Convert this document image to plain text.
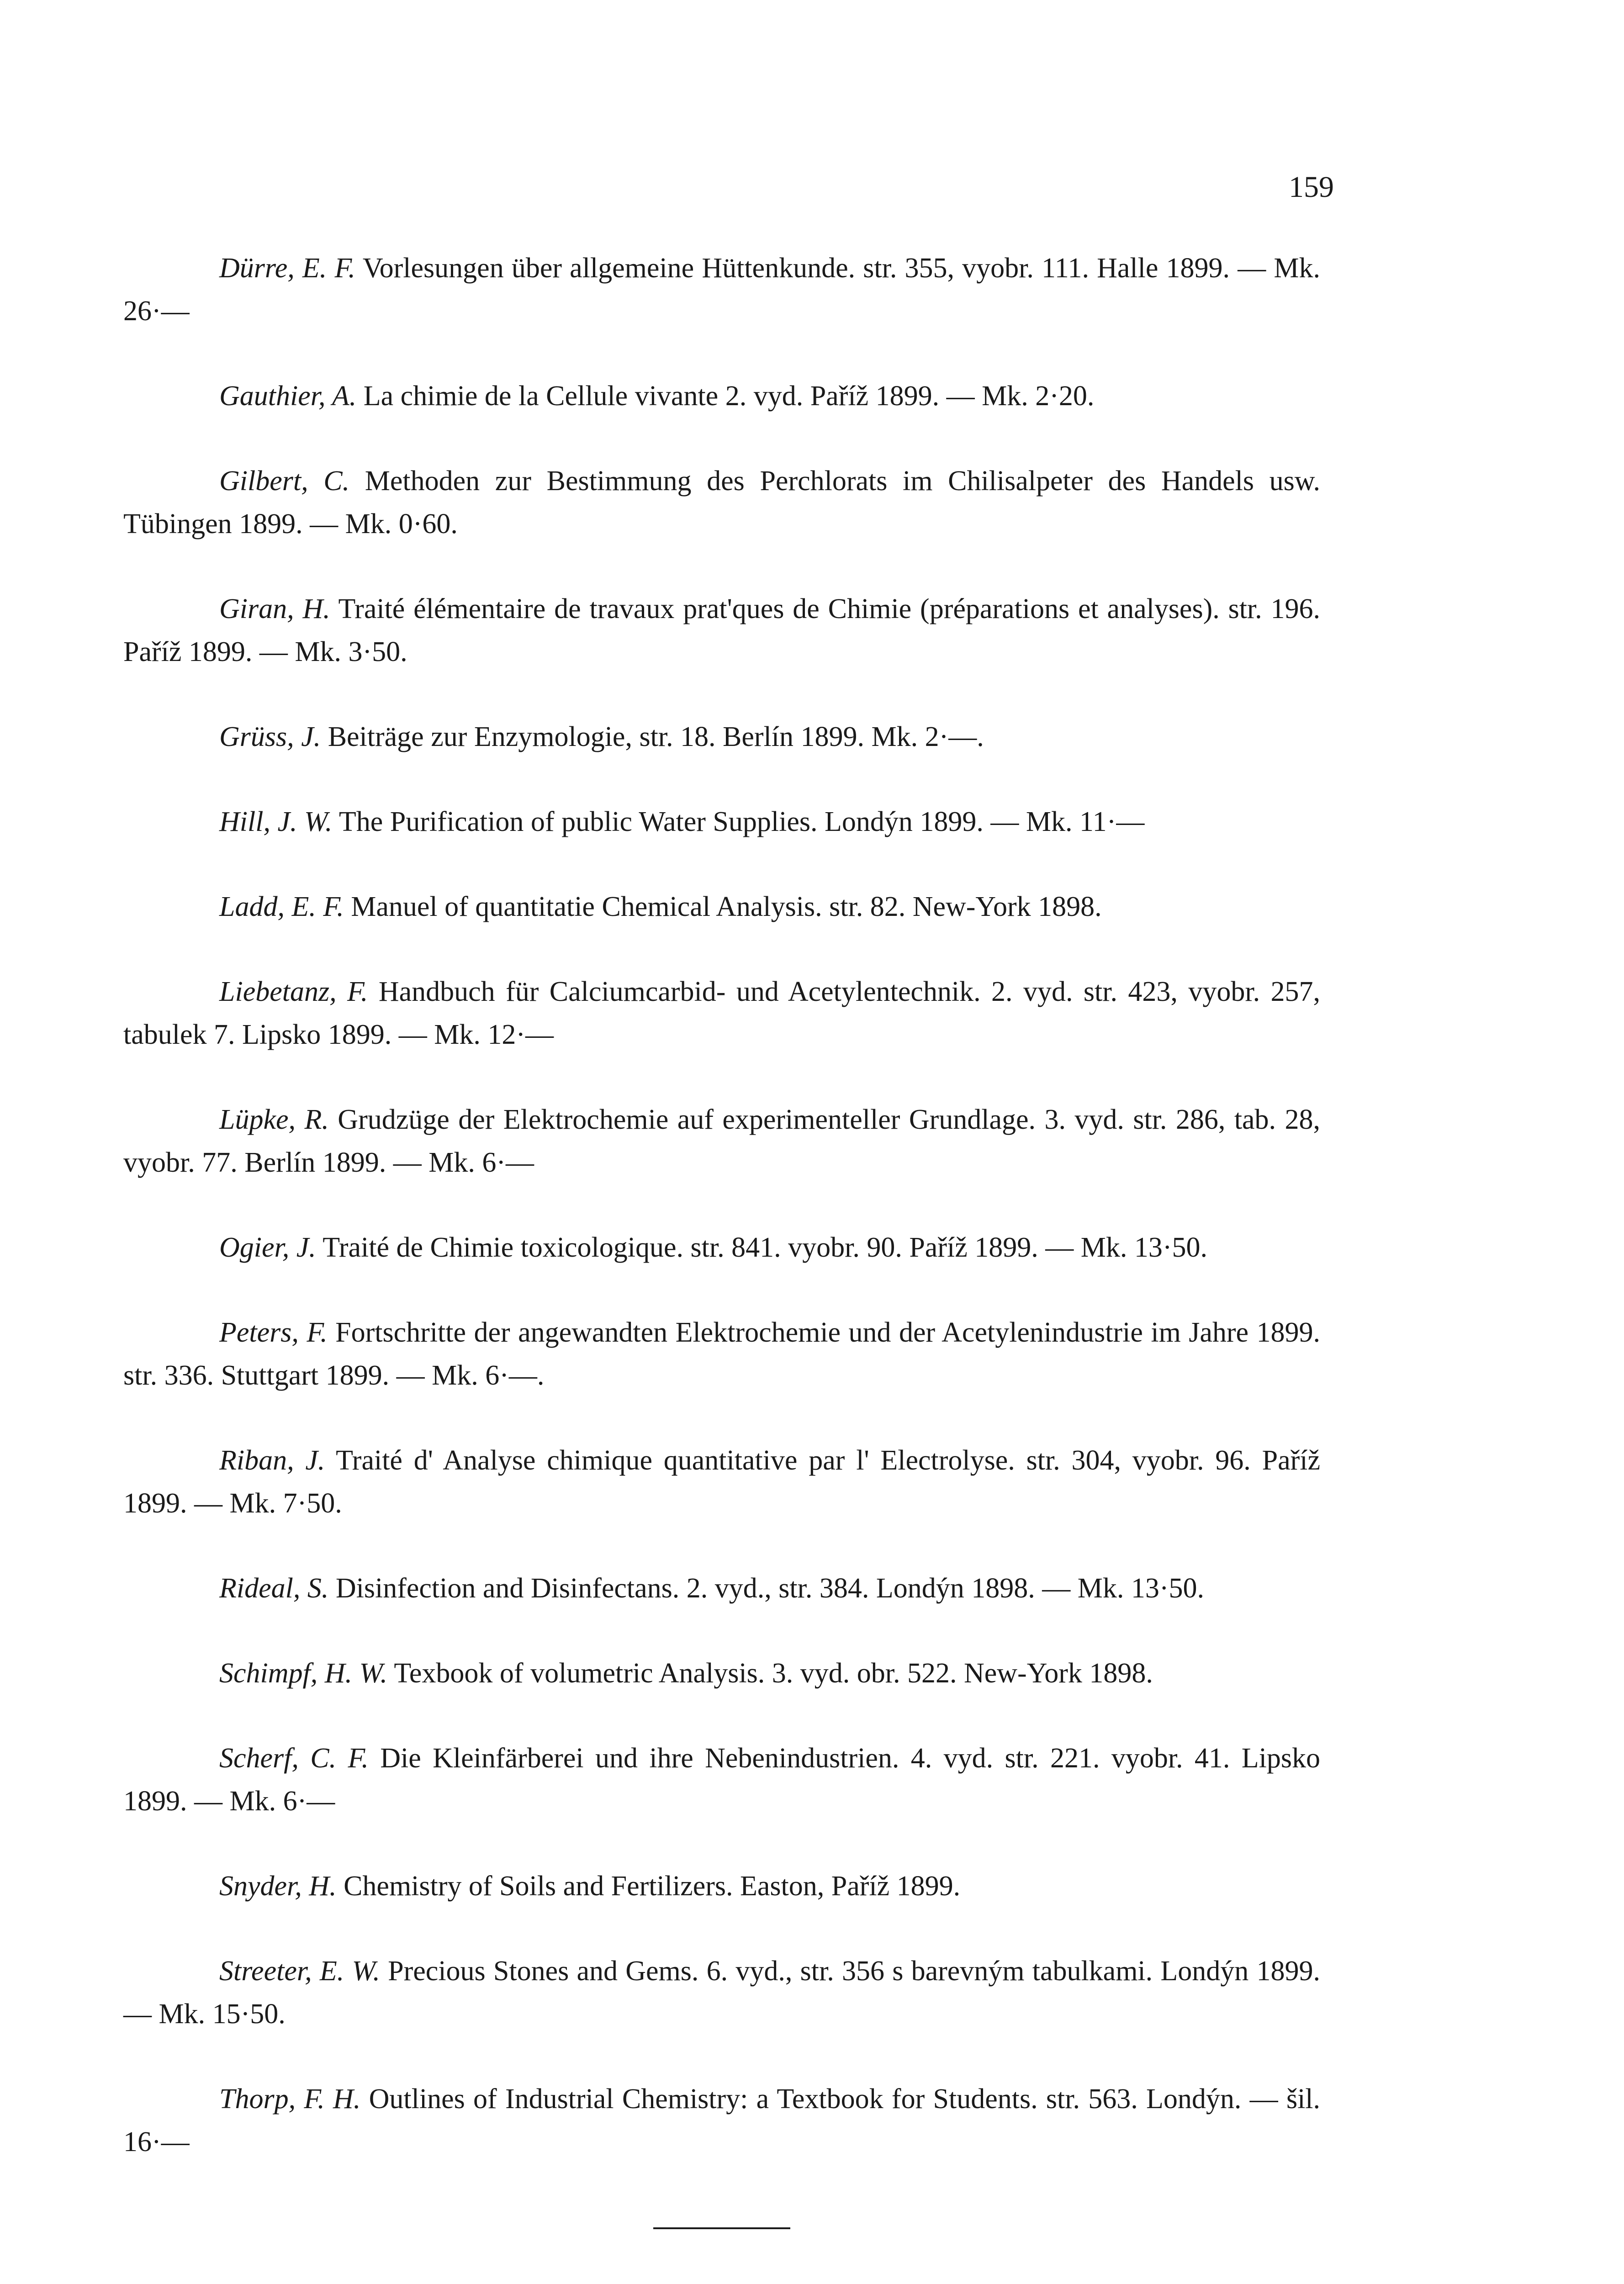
159

Dürre, E. F. Vorlesungen über allgemeine Hüttenkunde. str. 355, vyobr. 111. Halle 1899. — Mk. 26·—

Gauthier, A. La chimie de la Cellule vivante 2. vyd. Paříž 1899. — Mk. 2·20.

Gilbert, C. Methoden zur Bestimmung des Perchlorats im Chilisalpeter des Handels usw. Tübingen 1899. — Mk. 0·60.

Giran, H. Traité élémentaire de travaux prat'ques de Chimie (préparations et analyses). str. 196. Paříž 1899. — Mk. 3·50.

Grüss, J. Beiträge zur Enzymologie, str. 18. Berlín 1899. Mk. 2·—.

Hill, J. W. The Purification of public Water Supplies. Londýn 1899. — Mk. 11·—

Ladd, E. F. Manuel of quantitatie Chemical Analysis. str. 82. New-York 1898.

Liebetanz, F. Handbuch für Calciumcarbid- und Acetylentechnik. 2. vyd. str. 423, vyobr. 257, tabulek 7. Lipsko 1899. — Mk. 12·—

Lüpke, R. Grudzüge der Elektrochemie auf experimenteller Grundlage. 3. vyd. str. 286, tab. 28, vyobr. 77. Berlín 1899. — Mk. 6·—

Ogier, J. Traité de Chimie toxicologique. str. 841. vyobr. 90. Paříž 1899. — Mk. 13·50.

Peters, F. Fortschritte der angewandten Elektrochemie und der Acetylenindustrie im Jahre 1899. str. 336. Stuttgart 1899. — Mk. 6·—.

Riban, J. Traité d' Analyse chimique quantitative par l' Electrolyse. str. 304, vyobr. 96. Paříž 1899. — Mk. 7·50.

Rideal, S. Disinfection and Disinfectans. 2. vyd., str. 384. Londýn 1898. — Mk. 13·50.

Schimpf, H. W. Texbook of volumetric Analysis. 3. vyd. obr. 522. New-York 1898.

Scherf, C. F. Die Kleinfärberei und ihre Nebenindustrien. 4. vyd. str. 221. vyobr. 41. Lipsko 1899. — Mk. 6·—

Snyder, H. Chemistry of Soils and Fertilizers. Easton, Paříž 1899.

Streeter, E. W. Precious Stones and Gems. 6. vyd., str. 356 s barevným tabulkami. Londýn 1899. — Mk. 15·50.

Thorp, F. H. Outlines of Industrial Chemistry: a Textbook for Students. str. 563. Londýn. — šil. 16·—
